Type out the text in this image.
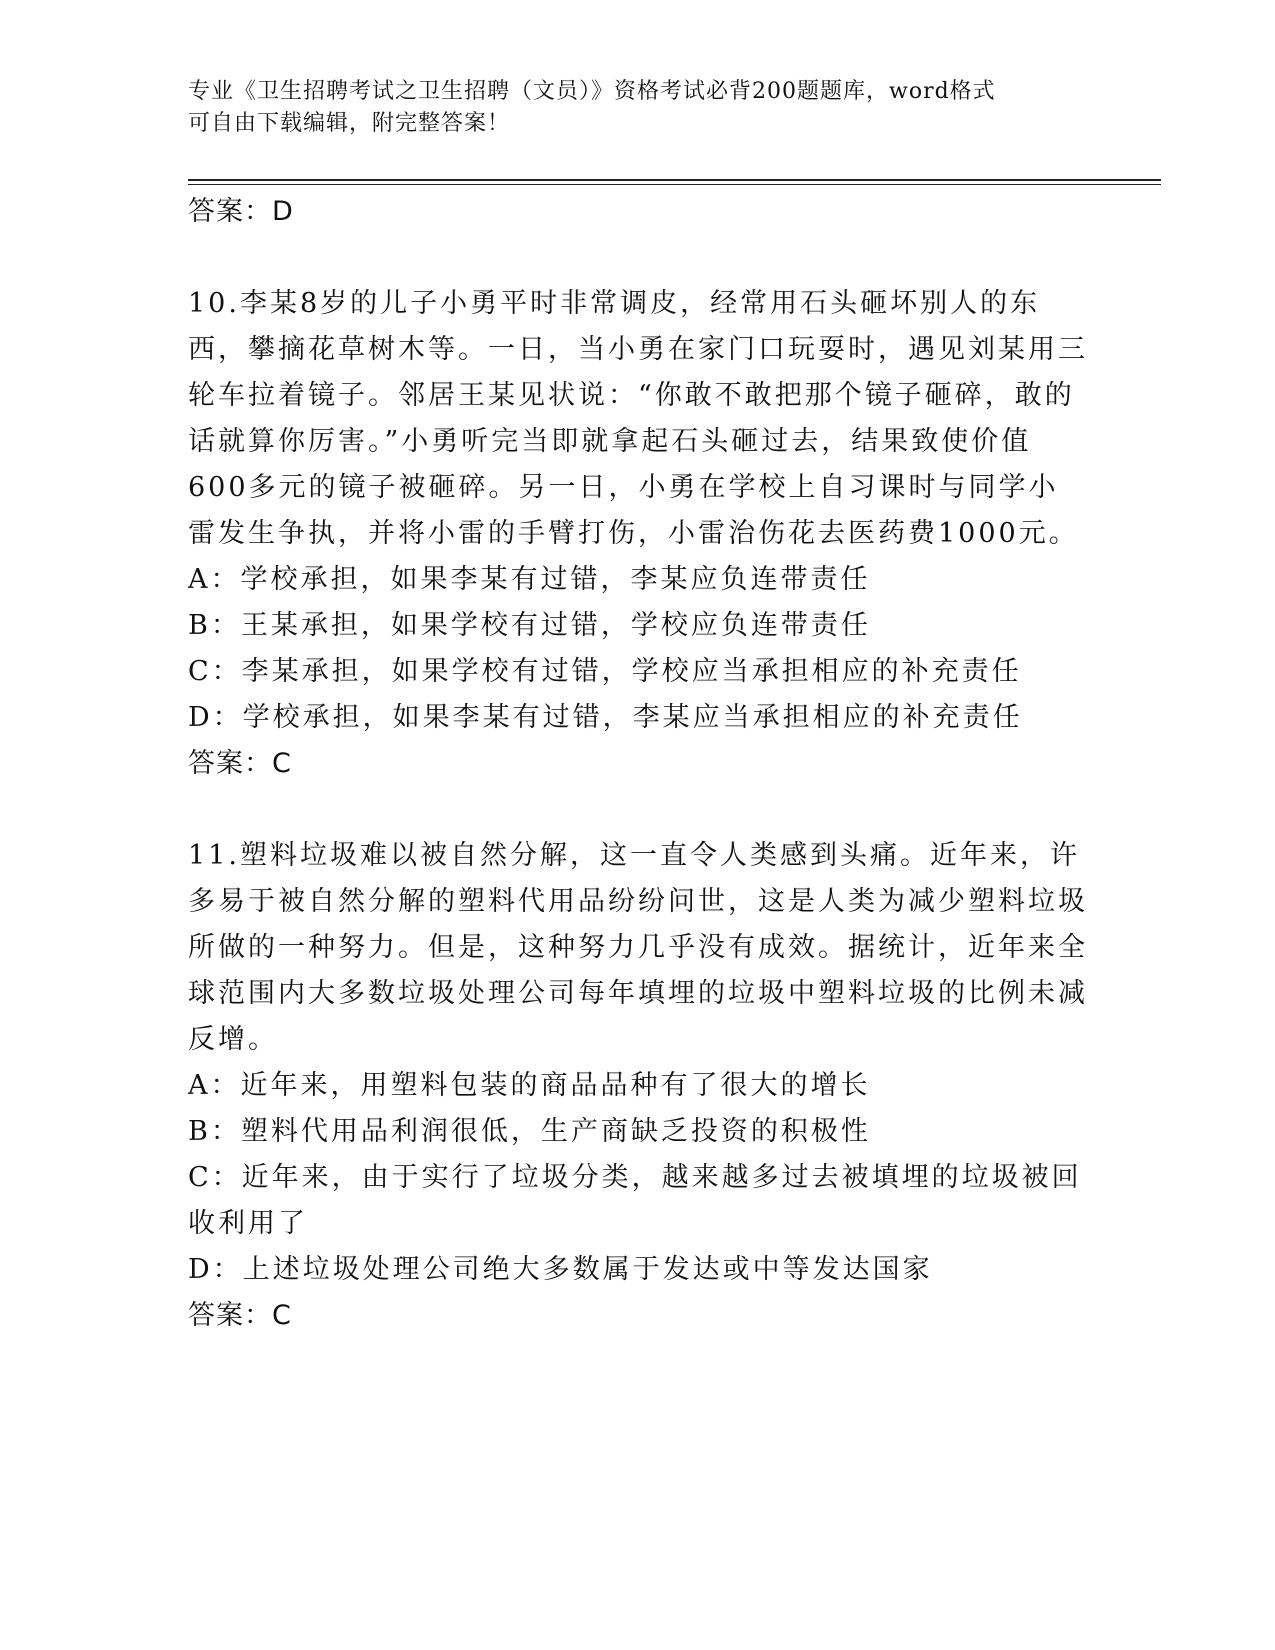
专业《卫生招聘考试之卫生招聘（文员）》资格考试必背200题题库，word格式
可自由下载编辑，附完整答案！

答案：D

10.李某8岁的儿子小勇平时非常调皮，经常用石头砸坏别人的东西，攀摘花草树木等。一日，当小勇在家门口玩耍时，遇见刘某用三轮车拉着镜子。邻居王某见状说：“你敢不敢把那个镜子砸碎，敢的话就算你厉害。”小勇听完当即就拿起石头砸过去，结果致使价值600多元的镜子被砸碎。另一日，小勇在学校上自习课时与同学小雷发生争执，并将小雷的手臂打伤，小雷治伤花去医药费1000元。

A：学校承担，如果李某有过错，李某应负连带责任

B：王某承担，如果学校有过错，学校应负连带责任

C：李某承担，如果学校有过错，学校应当承担相应的补充责任

D：学校承担，如果李某有过错，李某应当承担相应的补充责任

答案：C

11.塑料垃圾难以被自然分解，这一直令人类感到头痛。近年来，许多易于被自然分解的塑料代用品纷纷问世，这是人类为减少塑料垃圾所做的一种努力。但是，这种努力几乎没有成效。据统计，近年来全球范围内大多数垃圾处理公司每年填埋的垃圾中塑料垃圾的比例未减反增。

A：近年来，用塑料包装的商品品种有了很大的增长

B：塑料代用品利润很低，生产商缺乏投资的积极性

C：近年来，由于实行了垃圾分类，越来越多过去被填埋的垃圾被回收利用了

D：上述垃圾处理公司绝大多数属于发达或中等发达国家

答案：C
